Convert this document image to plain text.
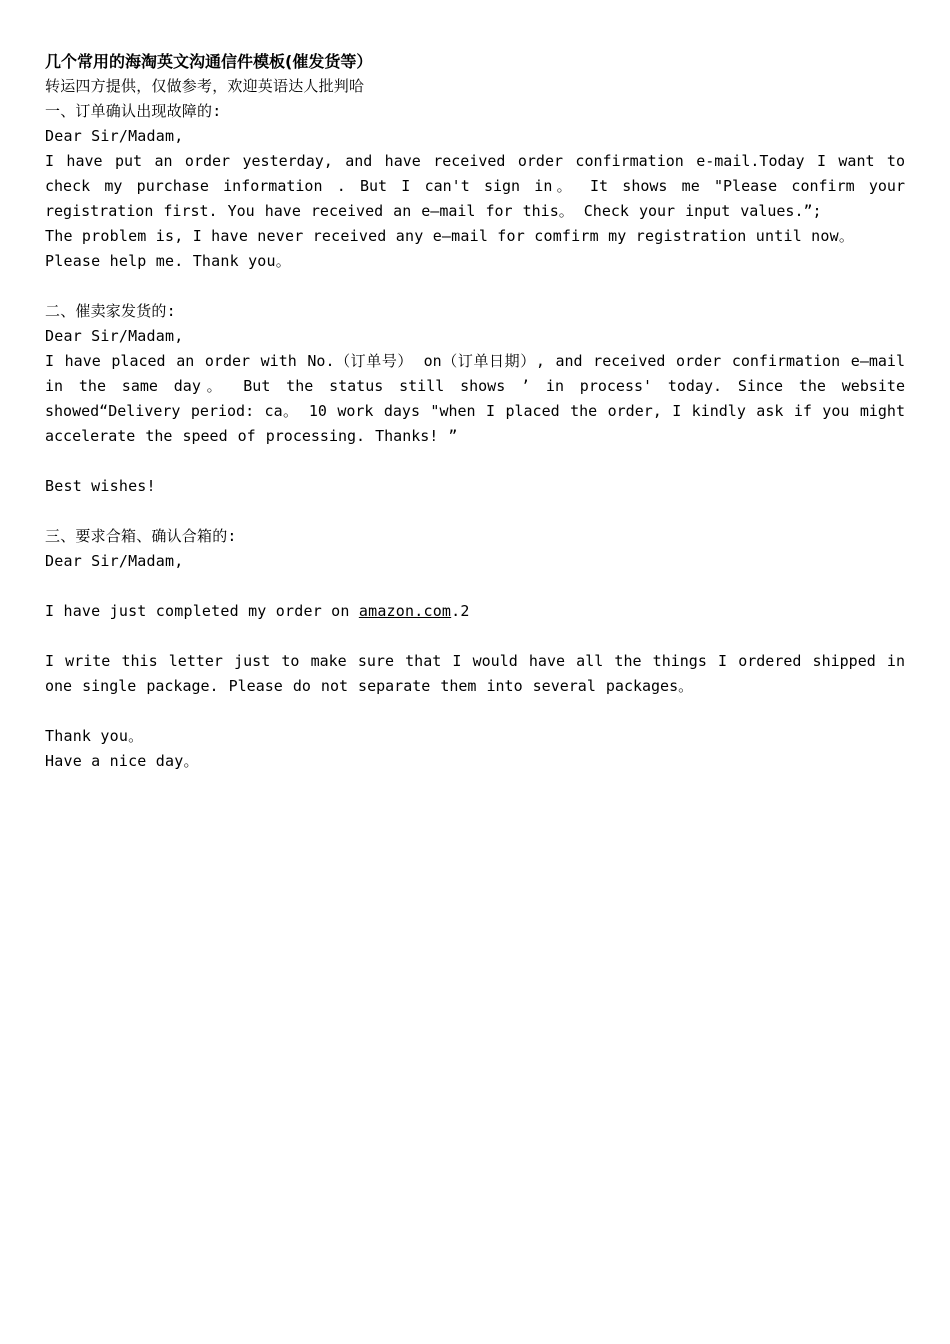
几个常用的海淘英文沟通信件模板(催发货等）
转运四方提供，仅做参考，欢迎英语达人批判哈
一、订单确认出现故障的:
Dear Sir/Madam,
I have put an order yesterday, and have received order confirmation e-mail.Today I want to check my purchase information . But I can't sign in。 It shows me "Please confirm your registration first. You have received an e—mail for this。 Check your input values.”;
The problem is, I have never received any e—mail for comfirm my registration until now。
Please help me. Thank you。
二、催卖家发货的:
Dear Sir/Madam,
I have placed an order with No.（订单号） on（订单日期）, and received order confirmation e—mail in the same day。 But the status still shows ’ in process' today. Since the website showed“Delivery period: ca。 10 work days "when I placed the order, I kindly ask if you might accelerate the speed of processing. Thanks! ”
Best wishes!
三、要求合箱、确认合箱的:
Dear Sir/Madam,
I have just completed my order on amazon.com.2
I write this letter just to make sure that I would have all the things I ordered shipped in one single package. Please do not separate them into several packages。
Thank you。
Have a nice day。
